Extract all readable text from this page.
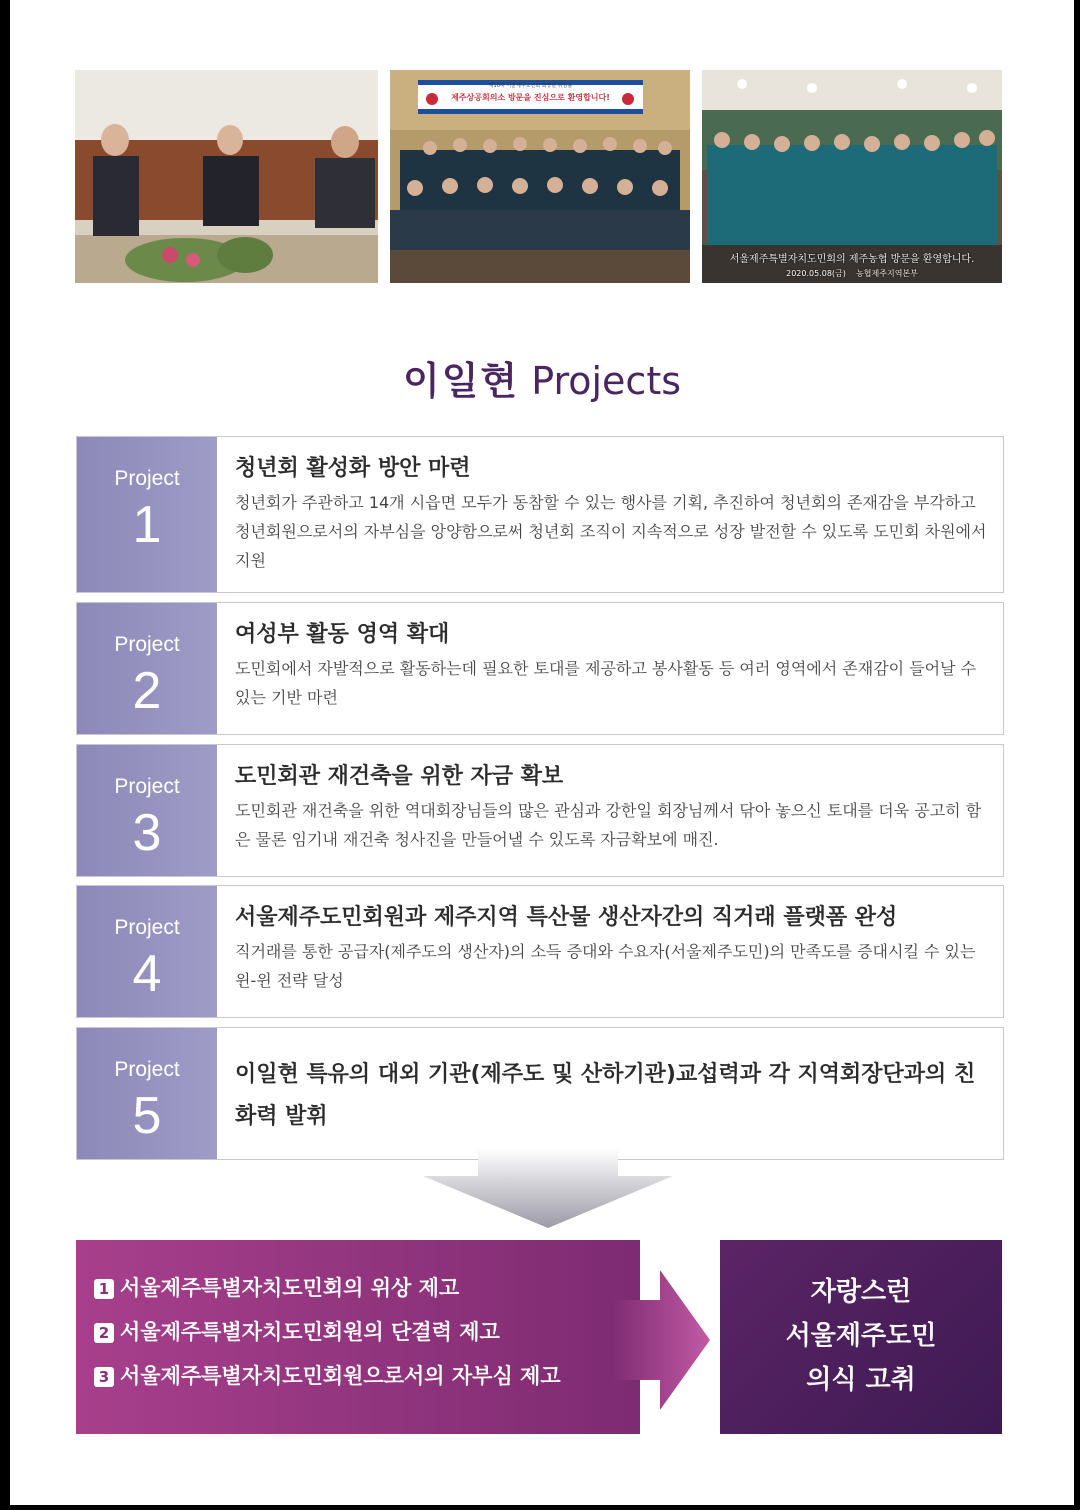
제10대 서울제주도민회 회장단 취임을
제주상공회의소 방문을 진심으로 환영합니다!
서울제주특별자치도민회의 제주농협 방문을 환영합니다.
2020.05.08(금) 농협제주지역본부
이일현 Projects
Project
1
청년회 활성화 방안 마련
청년회가 주관하고 14개 시읍면 모두가 동참할 수 있는 행사를 기획, 추진하여 청년회의 존재감을 부각하고 청년회원으로서의 자부심을 앙양함으로써 청년회 조직이 지속적으로 성장 발전할 수 있도록 도민회 차원에서 지원
Project
2
여성부 활동 영역 확대
도민회에서 자발적으로 활동하는데 필요한 토대를 제공하고 봉사활동 등 여러 영역에서 존재감이 들어날 수 있는 기반 마련
Project
3
도민회관 재건축을 위한 자금 확보
도민회관 재건축을 위한 역대회장님들의 많은 관심과 강한일 회장님께서 닦아 놓으신 토대를 더욱 공고히 함은 물론 임기내 재건축 청사진을 만들어낼 수 있도록 자금확보에 매진.
Project
4
서울제주도민회원과 제주지역 특산물 생산자간의 직거래 플랫폼 완성
직거래를 통한 공급자(제주도의 생산자)의 소득 증대와 수요자(서울제주도민)의 만족도를 증대시킬 수 있는 윈-윈 전략 달성
Project
5
이일현 특유의 대외 기관(제주도 및 산하기관)교섭력과 각 지역회장단과의 친화력 발휘
1 서울제주특별자치도민회의 위상 제고
2 서울제주특별자치도민회원의 단결력 제고
3 서울제주특별자치도민회원으로서의 자부심 제고
자랑스런
서울제주도민
의식 고취
